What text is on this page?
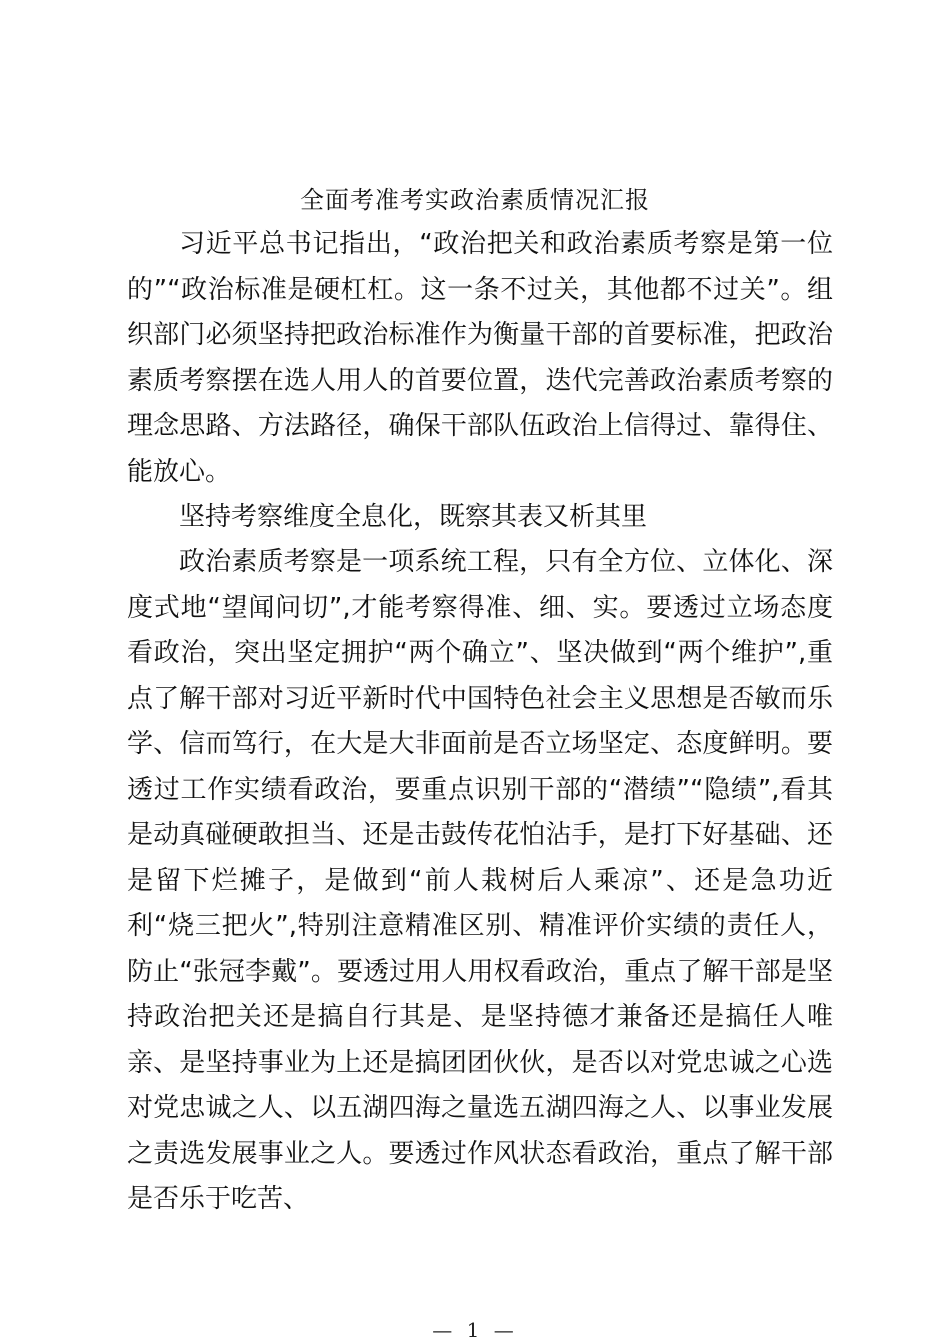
全面考准考实政治素质情况汇报

习近平总书记指出，“政治把关和政治素质考察是第一位的”“政治标准是硬杠杠。这一条不过关，其他都不过关”。组织部门必须坚持把政治标准作为衡量干部的首要标准，把政治素质考察摆在选人用人的首要位置，迭代完善政治素质考察的理念思路、方法路径，确保干部队伍政治上信得过、靠得住、能放心。

坚持考察维度全息化，既察其表又析其里

政治素质考察是一项系统工程，只有全方位、立体化、深度式地“望闻问切”,才能考察得准、细、实。要透过立场态度看政治，突出坚定拥护“两个确立”、坚决做到“两个维护”,重点了解干部对习近平新时代中国特色社会主义思想是否敏而乐学、信而笃行，在大是大非面前是否立场坚定、态度鲜明。要透过工作实绩看政治，要重点识别干部的“潜绩”“隐绩”,看其是动真碰硬敢担当、还是击鼓传花怕沾手，是打下好基础、还是留下烂摊子，是做到“前人栽树后人乘凉”、还是急功近利“烧三把火”,特别注意精准区别、精准评价实绩的责任人，防止“张冠李戴”。要透过用人用权看政治，重点了解干部是坚持政治把关还是搞自行其是、是坚持德才兼备还是搞任人唯亲、是坚持事业为上还是搞团团伙伙，是否以对党忠诚之心选对党忠诚之人、以五湖四海之量选五湖四海之人、以事业发展之责选发展事业之人。要透过作风状态看政治，重点了解干部是否乐于吃苦、

— 1 —
